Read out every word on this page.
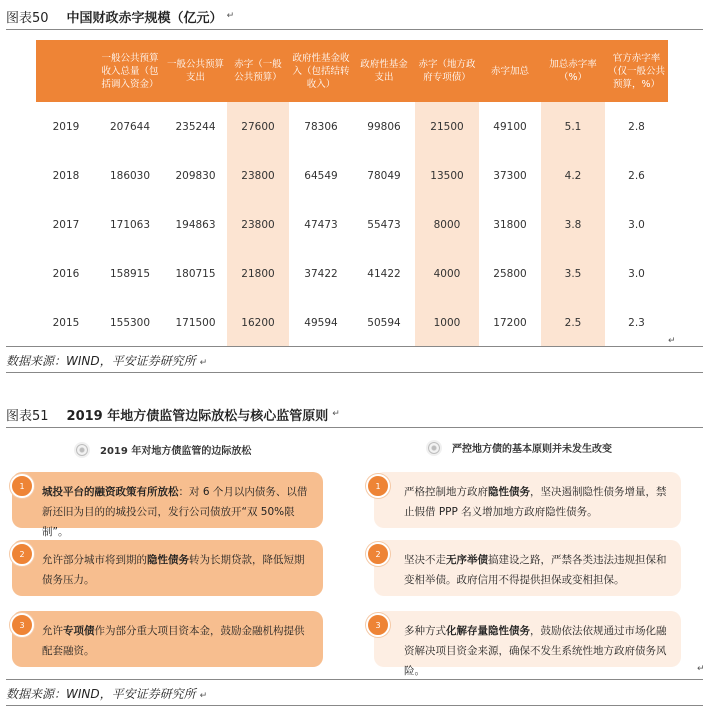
图表50 中国财政赤字规模（亿元） ↵
	一般公共预算收入总量（包括调入资金）	一般公共预算支出	赤字（一般公共预算）	政府性基金收入（包括结转收入）	政府性基金支出	赤字（地方政府专项债）	赤字加总	加总赤字率（%）	官方赤字率（仅一般公共预算，%）
2019	207644	235244	27600	78306	99806	21500	49100	5.1	2.8
2018	186030	209830	23800	64549	78049	13500	37300	4.2	2.6
2017	171063	194863	23800	47473	55473	8000	31800	3.8	3.0
2016	158915	180715	21800	37422	41422	4000	25800	3.5	3.0
2015	155300	171500	16200	49594	50594	1000	17200	2.5	2.3
↵
数据来源：WIND，平安证券研究所 ↵
图表51 2019 年地方债监管边际放松与核心监管原则 ↵
2019 年对地方债监管的边际放松	严控地方债的基本原则并未发生改变
城投平台的融资政策有所放松：对 6 个月以内债务、以借新还旧为目的的城投公司，发行公司债放开“双 50%限制”。
1
允许部分城市将到期的隐性债务转为长期贷款，降低短期债务压力。
2
允许专项债作为部分重大项目资本金，鼓励金融机构提供配套融资。
3
严格控制地方政府隐性债务，坚决遏制隐性债务增量，禁止假借 PPP 名义增加地方政府隐性债务。
1
坚决不走无序举债搞建设之路，严禁各类违法违规担保和变相举债。政府信用不得提供担保或变相担保。
2
多种方式化解存量隐性债务，鼓励依法依规通过市场化融资解决项目资金来源，确保不发生系统性地方政府债务风险。
3
↵
数据来源：WIND，平安证券研究所 ↵
